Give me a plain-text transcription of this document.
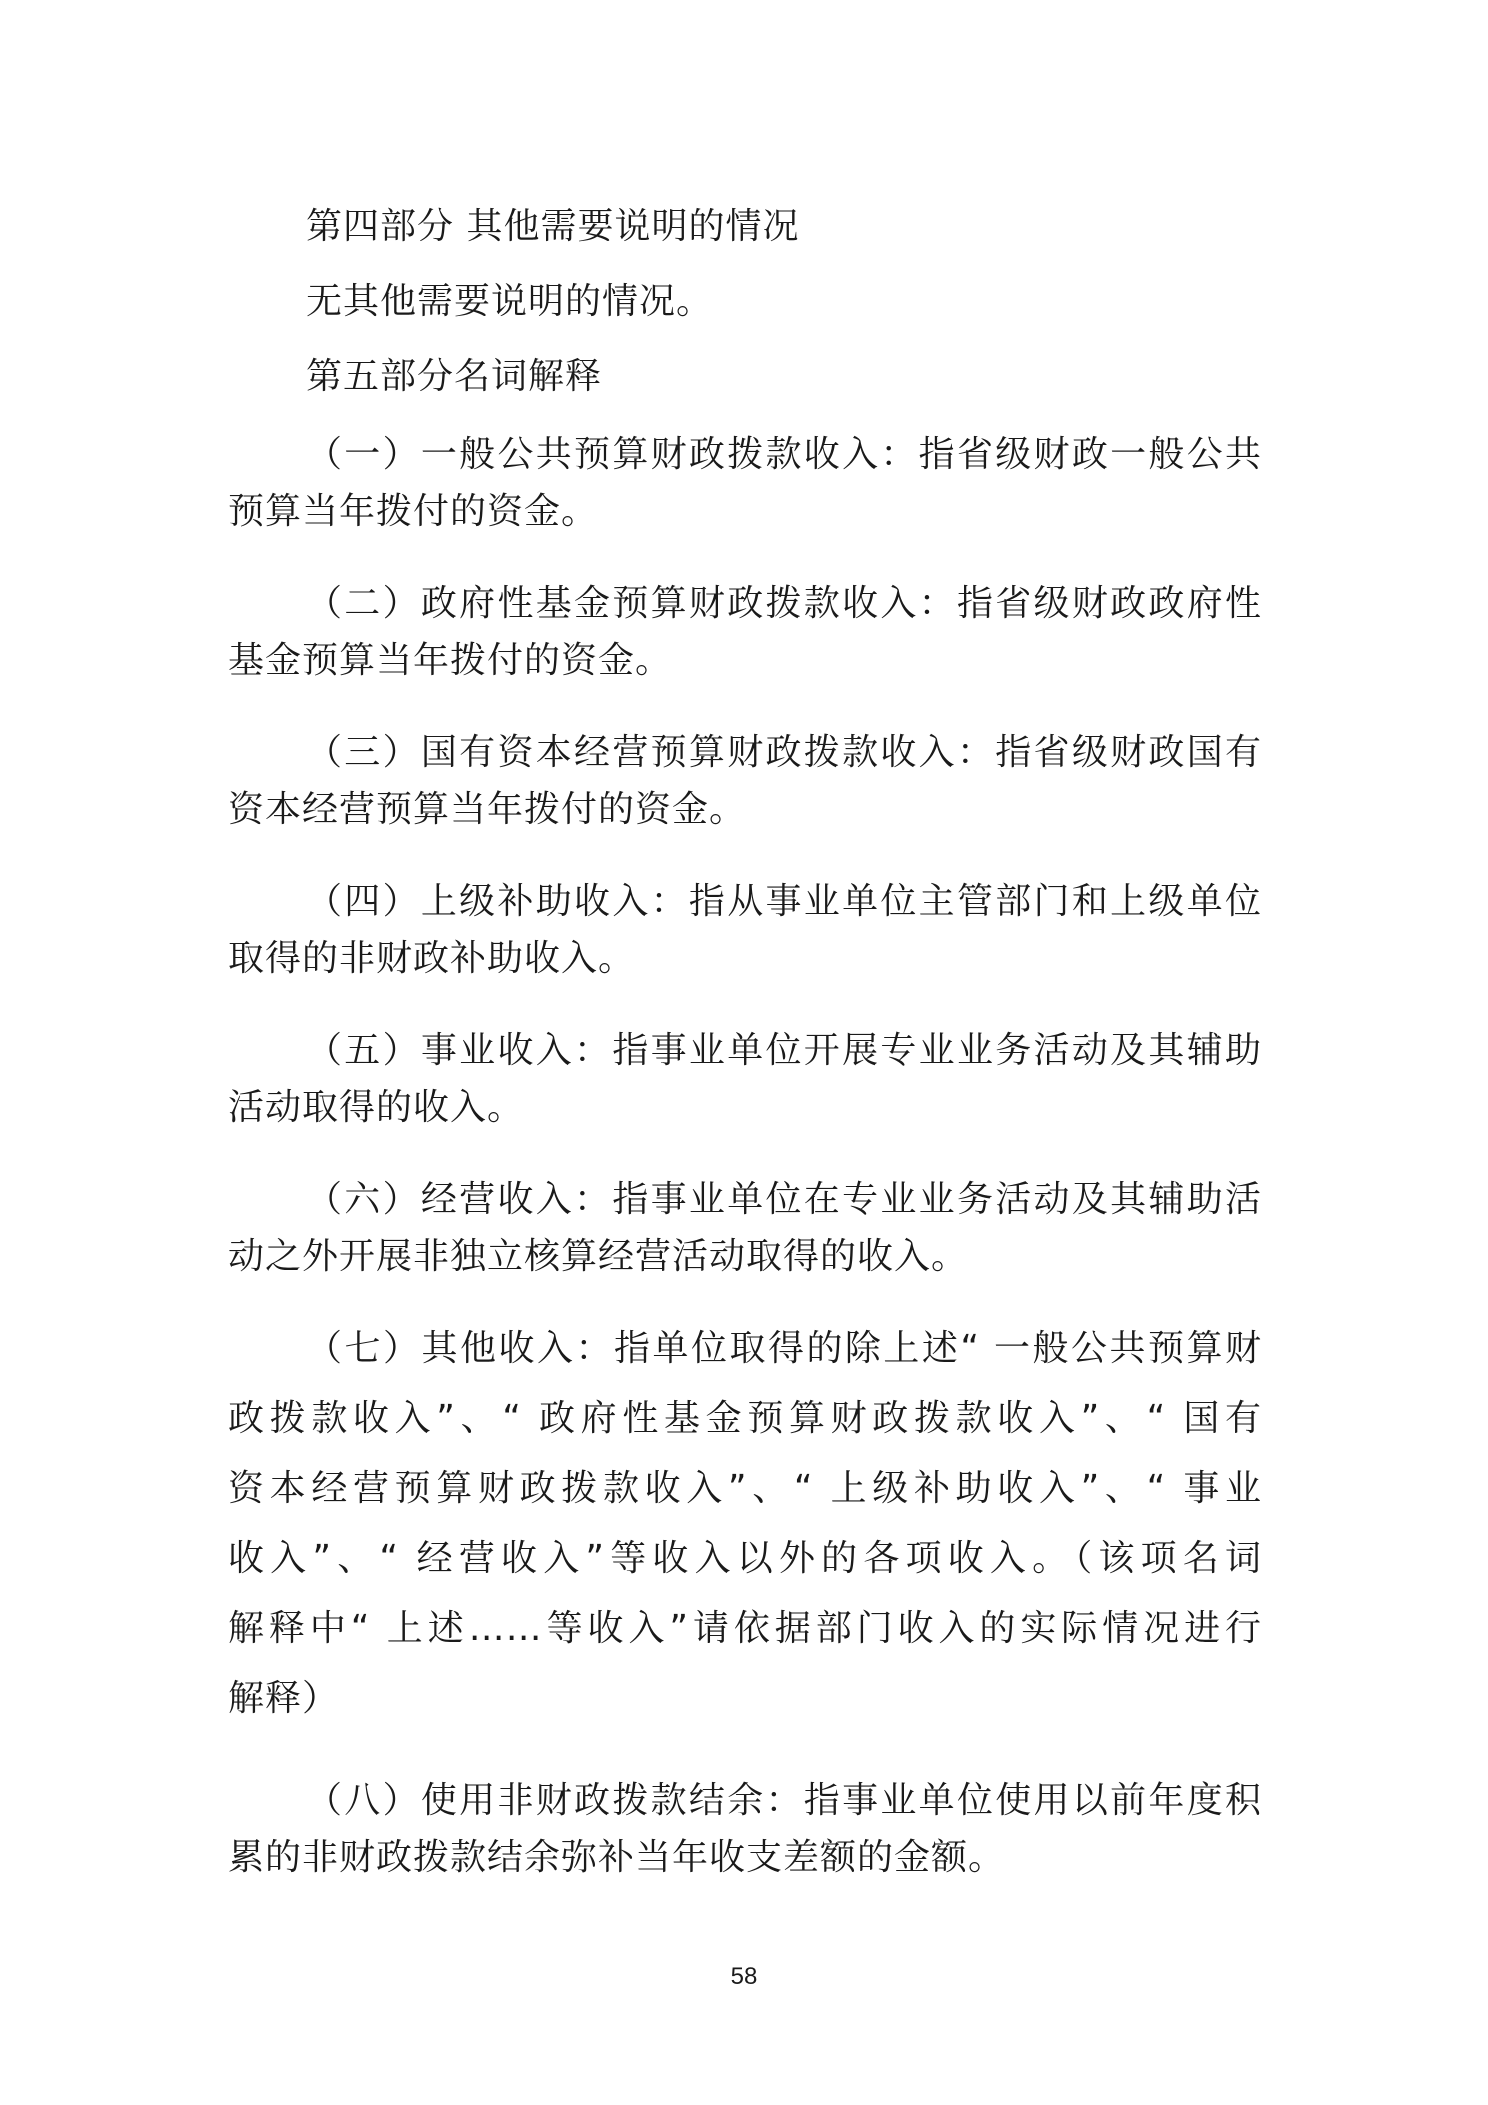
第四部分 其他需要说明的情况
无其他需要说明的情况。
第五部分名词解释
（一）一般公共预算财政拨款收入：指省级财政一般公共
预算当年拨付的资金。
（二）政府性基金预算财政拨款收入：指省级财政政府性
基金预算当年拨付的资金。
（三）国有资本经营预算财政拨款收入：指省级财政国有
资本经营预算当年拨付的资金。
（四）上级补助收入：指从事业单位主管部门和上级单位
取得的非财政补助收入。
（五）事业收入：指事业单位开展专业业务活动及其辅助
活动取得的收入。
（六）经营收入：指事业单位在专业业务活动及其辅助活
动之外开展非独立核算经营活动取得的收入。
（七）其他收入：指单位取得的除上述“ 一般公共预算财
政拨款收入”、“ 政府性基金预算财政拨款收入”、“ 国有
资本经营预算财政拨款收入”、“ 上级补助收入”、“ 事业
收入”、“ 经营收入”等收入以外的各项收入。（该项名词
解释中“ 上述……等收入”请依据部门收入的实际情况进行
解释）
（八）使用非财政拨款结余：指事业单位使用以前年度积
累的非财政拨款结余弥补当年收支差额的金额。
58
